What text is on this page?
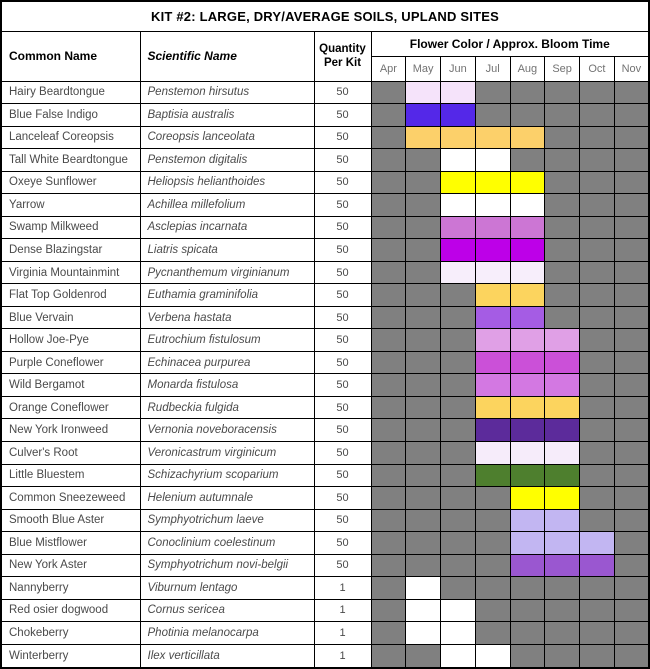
KIT #2: LARGE, DRY/AVERAGE SOILS, UPLAND SITES										
Common Name	Scientific Name	Quantity Per Kit	Flower Color / Approx. Bloom Time							
			Apr	May	Jun	Jul	Aug	Sep	Oct	Nov
Hairy Beardtongue	Penstemon hirsutus	50								
Blue False Indigo	Baptisia australis	50								
Lanceleaf Coreopsis	Coreopsis lanceolata	50								
Tall White Beardtongue	Penstemon digitalis	50								
Oxeye Sunflower	Heliopsis helianthoides	50								
Yarrow	Achillea millefolium	50								
Swamp Milkweed	Asclepias incarnata	50								
Dense Blazingstar	Liatris spicata	50								
Virginia Mountainmint	Pycnanthemum virginianum	50								
Flat Top Goldenrod	Euthamia graminifolia	50								
Blue Vervain	Verbena hastata	50								
Hollow Joe-Pye	Eutrochium fistulosum	50								
Purple Coneflower	Echinacea purpurea	50								
Wild Bergamot	Monarda fistulosa	50								
Orange Coneflower	Rudbeckia fulgida	50								
New York Ironweed	Vernonia noveboracensis	50								
Culver's Root	Veronicastrum virginicum	50								
Little Bluestem	Schizachyrium scoparium	50								
Common Sneezeweed	Helenium autumnale	50								
Smooth Blue Aster	Symphyotrichum laeve	50								
Blue Mistflower	Conoclinium coelestinum	50								
New York Aster	Symphyotrichum novi-belgii	50								
Nannyberry	Viburnum lentago	1								
Red osier dogwood	Cornus sericea	1								
Chokeberry	Photinia melanocarpa	1								
Winterberry	Ilex verticillata	1								
